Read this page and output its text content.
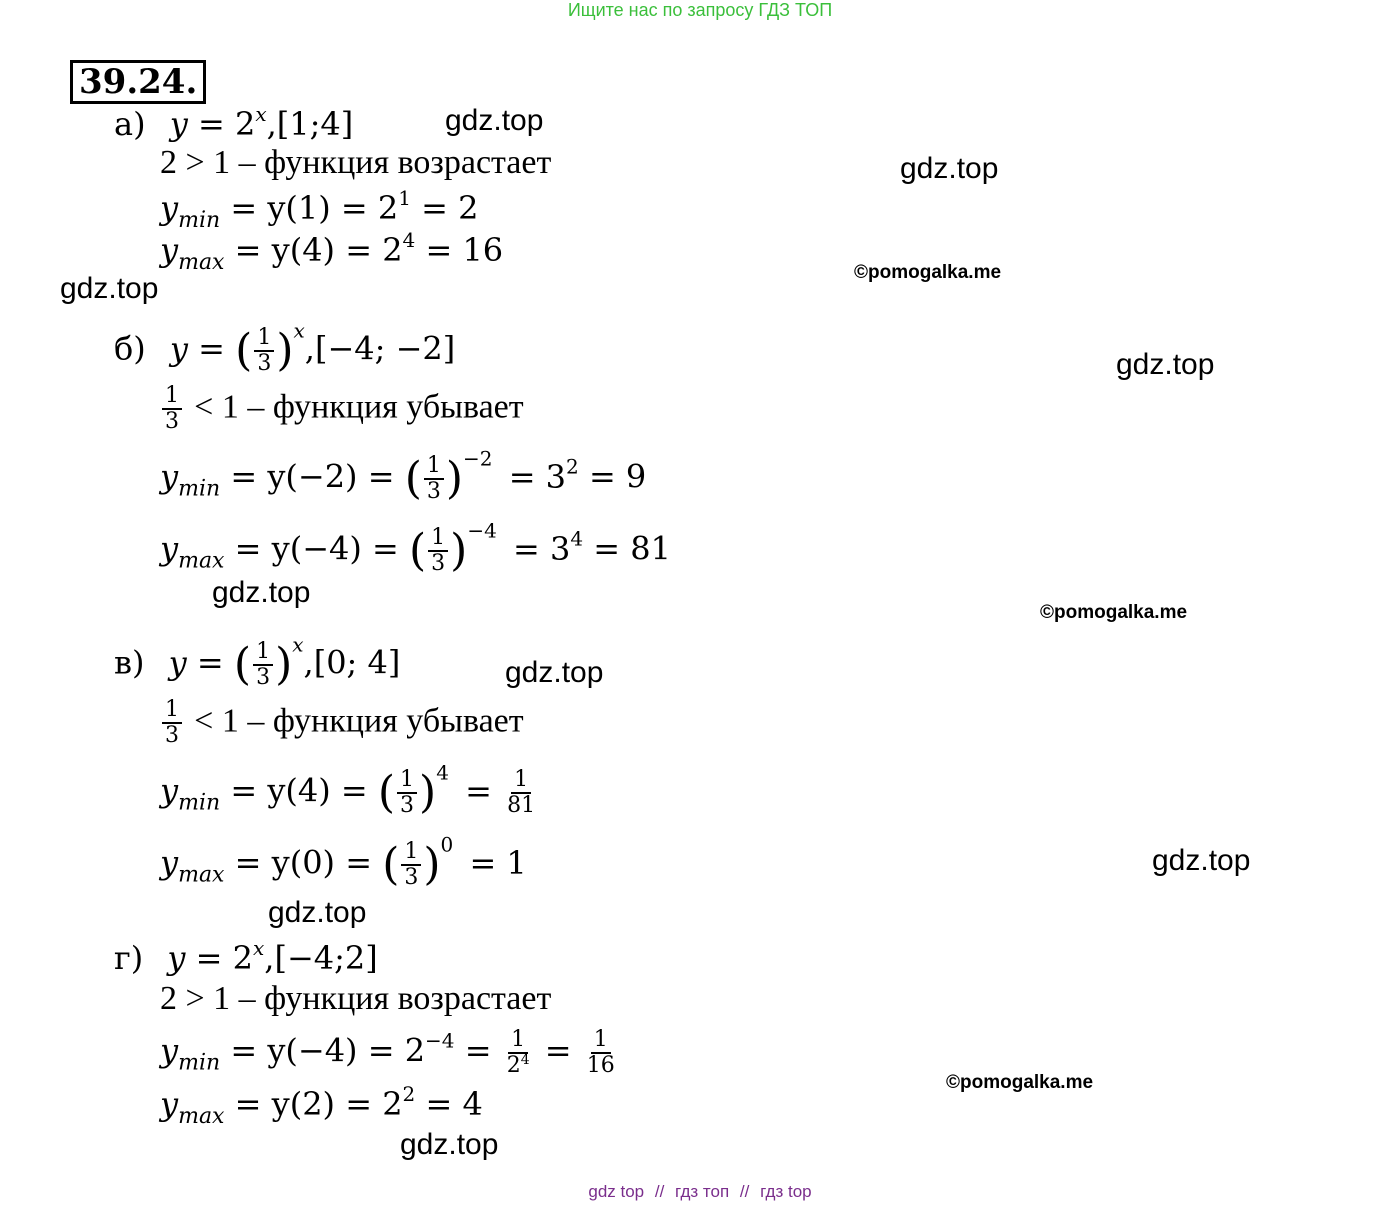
Ищите нас по запросу ГДЗ ТОП
39.24.
а) $y = 2^x,[1;4]$
2 > 1 – функция возрастает
$y_{min} = y(1) = 2^1 = 2$
$y_{max} = y(4) = 2^4 = 16$
б) y = ( $\frac{1}{3} )^x,[-4$; −2]
$\frac{1}{3} < 1$ – функция убывает
$y_{min} = y(-2)$ = ( $\frac{1}{3} )^{-2} = 3^2 = 9$
$y_{max} = y(-4)$ = ( $\frac{1}{3} )^{-4} = 3^4 = 81$
в) y = ( $\frac{1}{3} )^x,[0$; 4]
$\frac{1}{3} < 1$ – функция убывает
$y_{min} = y(4)$ = ( $\frac{1}{3} )^4 = \frac{1}{81}$
$y_{max} = y(0)$ = ( $\frac{1}{3} )^0 = 1$
г) $y = 2^x,[-4;2]$
2 > 1 – функция возрастает
$y_{min} = y(-4) = 2^{-4} = \frac{1}{2^4} = \frac{1}{16}$
$y_{max} = y(2) = 2^2 = 4$
gdz.top
gdz.top
©pomogalka.me
gdz.top
gdz.top
gdz.top
©pomogalka.me
gdz.top
gdz.top
gdz.top
©pomogalka.me
gdz.top
gdz top // гдз топ // гдз top
